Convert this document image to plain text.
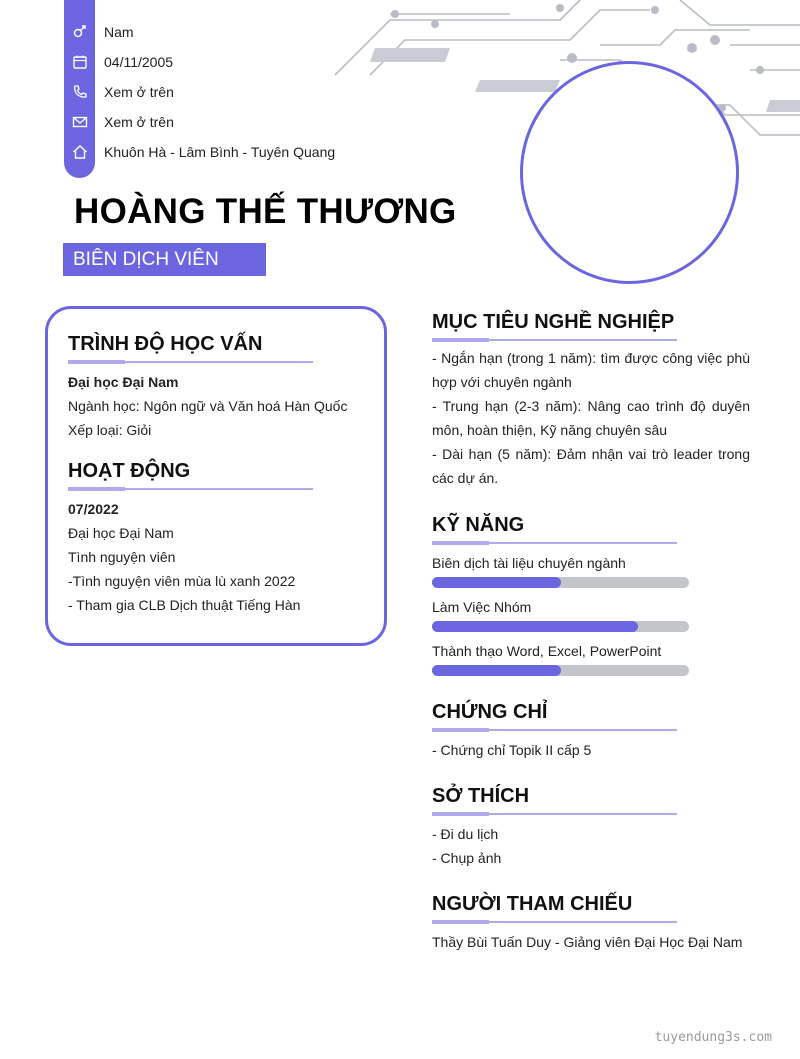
Nam
04/11/2005
Xem ở trên
Xem ở trên
Khuôn Hà - Lâm Bình - Tuyên Quang
HOÀNG THẾ THƯƠNG
BIÊN DỊCH VIÊN
TRÌNH ĐỘ HỌC VẤN
Đại học Đại Nam
Ngành học: Ngôn ngữ và Văn hoá Hàn Quốc
Xếp loại: Giỏi
HOẠT ĐỘNG
07/2022
Đại học Đại Nam
Tình nguyện viên
-Tình nguyện viên mùa lù xanh 2022
- Tham gia CLB Dịch thuật Tiếng Hàn
MỤC TIÊU NGHỀ NGHIỆP
- Ngắn hạn (trong 1 năm): tìm được công việc phù hợp với chuyên ngành
- Trung hạn (2-3 năm): Nâng cao trình độ duyên môn, hoàn thiện, Kỹ năng chuyên sâu
- Dài hạn (5 năm): Đảm nhận vai trò leader trong các dự án.
KỸ NĂNG
Biên dịch tài liệu chuyên ngành
Làm Việc Nhóm
Thành thạo Word, Excel, PowerPoint
CHỨNG CHỈ
- Chứng chỉ Topik II cấp 5
SỞ THÍCH
- Đi du lịch
- Chụp ảnh
NGƯỜI THAM CHIẾU
Thầy Bùi Tuấn Duy - Giảng viên Đại Học Đại Nam
tuyendung3s.com
